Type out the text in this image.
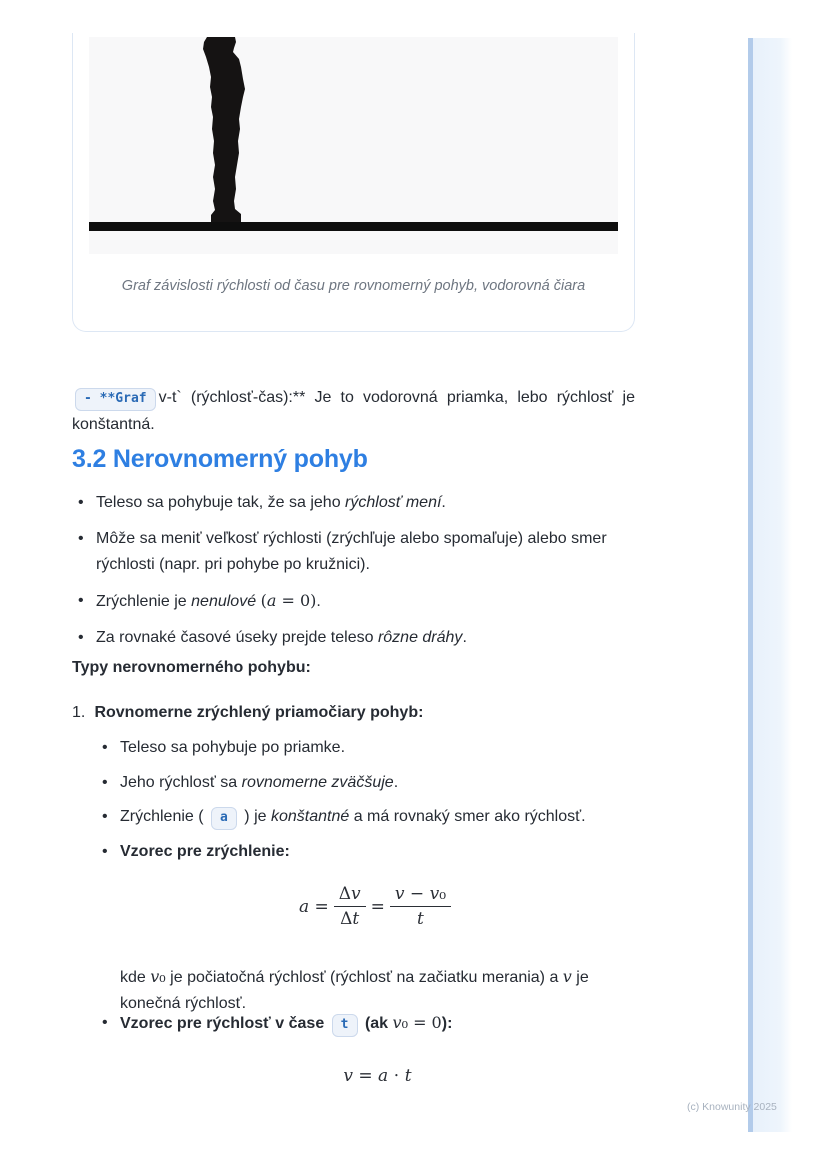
Graf závislosti rýchlosti od času pre rovnomerný pohyb, vodorovná čiara

- **Graf v-t` (rýchlosť-čas):** Je to vodorovná priamka, lebo rýchlosť je konštantná.

3.2 Nerovnomerný pohyb
• Teleso sa pohybuje tak, že sa jeho rýchlosť mení.
• Môže sa meniť veľkosť rýchlosti (zrýchľuje alebo spomaľuje) alebo smer rýchlosti (napr. pri pohybe po kružnici).
• Zrýchlenie je nenulové (a = 0).
• Za rovnaké časové úseky prejde teleso rôzne dráhy.
Typy nerovnomerného pohybu:
1. Rovnomerne zrýchlený priamočiary pohyb:
• Teleso sa pohybuje po priamke.
• Jeho rýchlosť sa rovnomerne zväčšuje.
• Zrýchlenie ( a ) je konštantné a má rovnaký smer ako rýchlosť.
• Vzorec pre zrýchlenie:
$a = \frac{\Delta v}{\Delta t} = \frac{\text{v − v₀}}{t}$

kde v₀ je počiatočná rýchlosť (rýchlosť na začiatku merania) a v je konečná rýchlosť.

• Vzorec pre rýchlosť v čase t (ak v₀ = 0):
v = a ⋅ t
(c) Knowunity 2025
